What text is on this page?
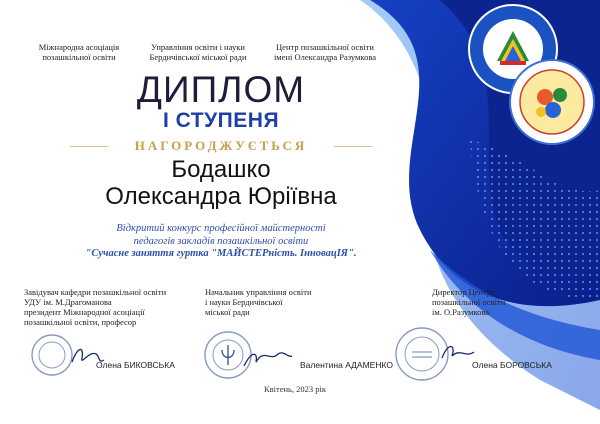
Міжнародна асоціація
позашкільної освіти
Управління освіти і науки
Бердичівської міської ради
Центр позашкільної освіти
імені Олександра Разумкова
ДИПЛОМ
І СТУПЕНЯ
НАГОРОДЖУЄТЬСЯ
Бодашко
Олександра Юріївна
Відкритий конкурс професійної майстерності
педагогів закладів позашкільної освіти
"Сучасне заняття гуртка "МАЙСТЕРність. ІнновацІЯ".
Завідувач кафедри позашкільної освіти
УДУ ім. М.Драгоманова
президент Міжнародної асоціації
позашкільної освіти, професор
Начальник управління освіти
і науки Бердичівської
міської ради
Директор Центру
позашкільної освіти
ім. О.Разумкова
Олена БИКОВСЬКА	Валентина АДАМЕНКО	Олена БОРОВСЬКА
Квітень, 2023 рік
